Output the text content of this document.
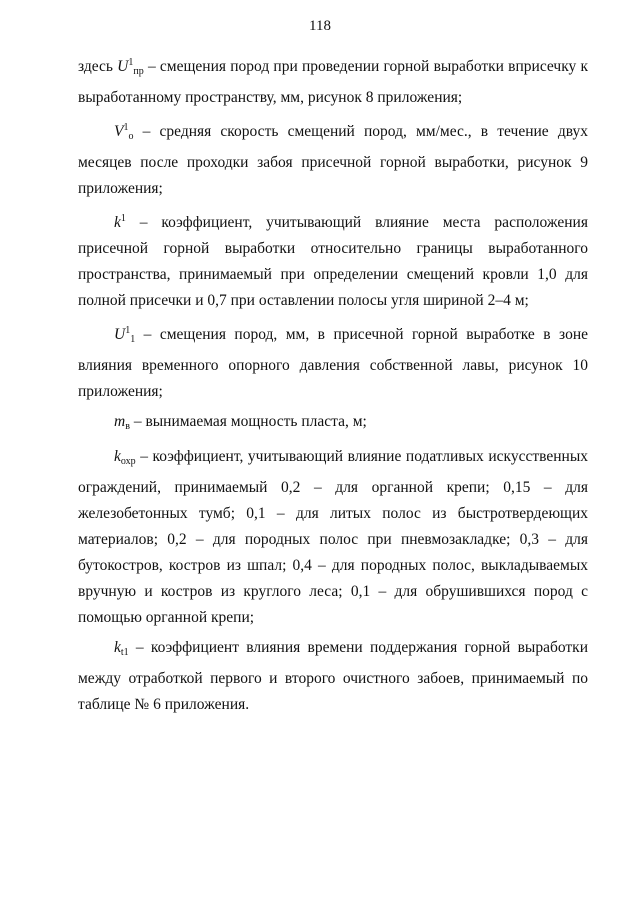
118

здесь $U^1_{пр}$ – смещения пород при проведении горной выработки вприсечку к выработанному пространству, мм, рисунок 8 приложения;

$V^1_о$ – средняя скорость смещений пород, мм/мес., в течение двух месяцев после проходки забоя присечной горной выработки, рисунок 9 приложения;

$k^1$ – коэффициент, учитывающий влияние места расположения присечной горной выработки относительно границы выработанного пространства, принимаемый при определении смещений кровли 1,0 для полной присечки и 0,7 при оставлении полосы угля шириной 2–4 м;

$U^1_1$ – смещения пород, мм, в присечной горной выработке в зоне влияния временного опорного давления собственной лавы, рисунок 10 приложения;

$m_в$ – вынимаемая мощность пласта, м;

$k_{охр}$ – коэффициент, учитывающий влияние податливых искусственных ограждений, принимаемый 0,2 – для органной крепи; 0,15 – для железобетонных тумб; 0,1 – для литых полос из быстротвердеющих материалов; 0,2 – для породных полос при пневмозакладке; 0,3 – для бутокостров, костров из шпал; 0,4 – для породных полос, выкладываемых вручную и костров из круглого леса; 0,1 – для обрушившихся пород с помощью органной крепи;

$k_{t1}$ – коэффициент влияния времени поддержания горной выработки между отработкой первого и второго очистного забоев, принимаемый по таблице № 6 приложения.
